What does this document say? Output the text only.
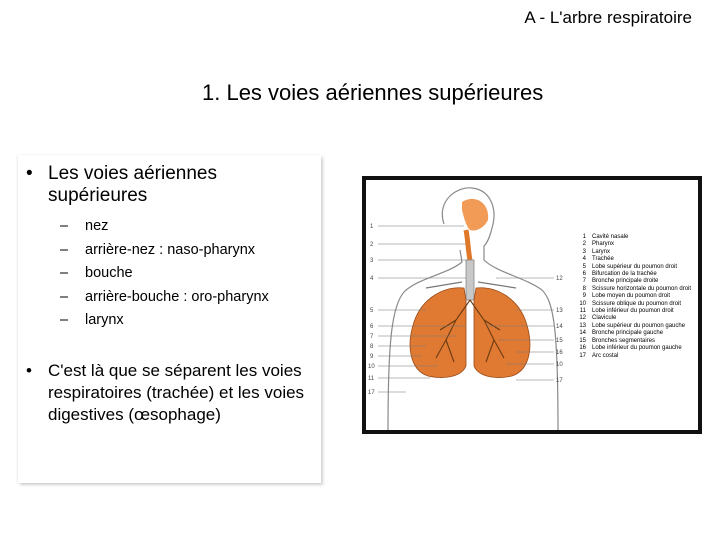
A - L'arbre respiratoire
1. Les voies aériennes supérieures
• Les voies aériennes supérieures
– nez
– arrière-nez : naso-pharynx
– bouche
– arrière-bouche : oro-pharynx
– larynx
• C'est là que se séparent les voies respiratoires (trachée) et les voies digestives (œsophage)
1
2
3
4
5
6
7
8
9
10
11
17
12
13
14
15
16
10
17
1 Cavité nasale
2 Pharynx
3 Larynx
4 Trachée
5 Lobe supérieur du poumon droit
6 Bifurcation de la trachée
7 Bronche principale droite
8 Scissure horizontale du poumon droit
9 Lobe moyen du poumon droit
10 Scissure oblique du poumon droit
11 Lobe inférieur du poumon droit
12 Clavicule
13 Lobe supérieur du poumon gauche
14 Bronche principale gauche
15 Bronches segmentaires
16 Lobe inférieur du poumon gauche
17 Arc costal
